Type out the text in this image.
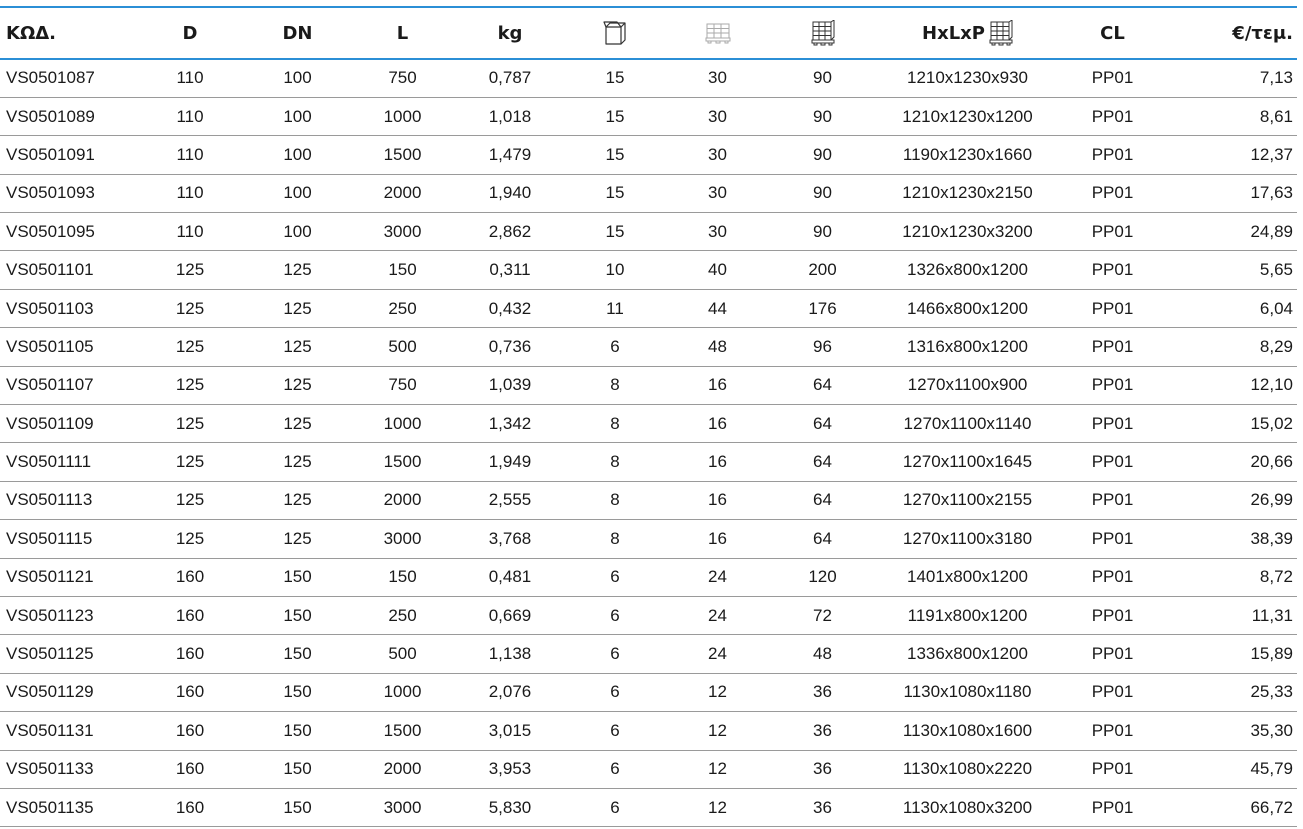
ΚΩΔ.	D	DN	L	kg				HxLxP	CL	€/τεμ.
VS0501087	110	100	750	0,787	15	30	90	1210x1230x930	PP01	7,13
VS0501089	110	100	1000	1,018	15	30	90	1210x1230x1200	PP01	8,61
VS0501091	110	100	1500	1,479	15	30	90	1190x1230x1660	PP01	12,37
VS0501093	110	100	2000	1,940	15	30	90	1210x1230x2150	PP01	17,63
VS0501095	110	100	3000	2,862	15	30	90	1210x1230x3200	PP01	24,89
VS0501101	125	125	150	0,311	10	40	200	1326x800x1200	PP01	5,65
VS0501103	125	125	250	0,432	11	44	176	1466x800x1200	PP01	6,04
VS0501105	125	125	500	0,736	6	48	96	1316x800x1200	PP01	8,29
VS0501107	125	125	750	1,039	8	16	64	1270x1100x900	PP01	12,10
VS0501109	125	125	1000	1,342	8	16	64	1270x1100x1140	PP01	15,02
VS0501111	125	125	1500	1,949	8	16	64	1270x1100x1645	PP01	20,66
VS0501113	125	125	2000	2,555	8	16	64	1270x1100x2155	PP01	26,99
VS0501115	125	125	3000	3,768	8	16	64	1270x1100x3180	PP01	38,39
VS0501121	160	150	150	0,481	6	24	120	1401x800x1200	PP01	8,72
VS0501123	160	150	250	0,669	6	24	72	1191x800x1200	PP01	11,31
VS0501125	160	150	500	1,138	6	24	48	1336x800x1200	PP01	15,89
VS0501129	160	150	1000	2,076	6	12	36	1130x1080x1180	PP01	25,33
VS0501131	160	150	1500	3,015	6	12	36	1130x1080x1600	PP01	35,30
VS0501133	160	150	2000	3,953	6	12	36	1130x1080x2220	PP01	45,79
VS0501135	160	150	3000	5,830	6	12	36	1130x1080x3200	PP01	66,72
